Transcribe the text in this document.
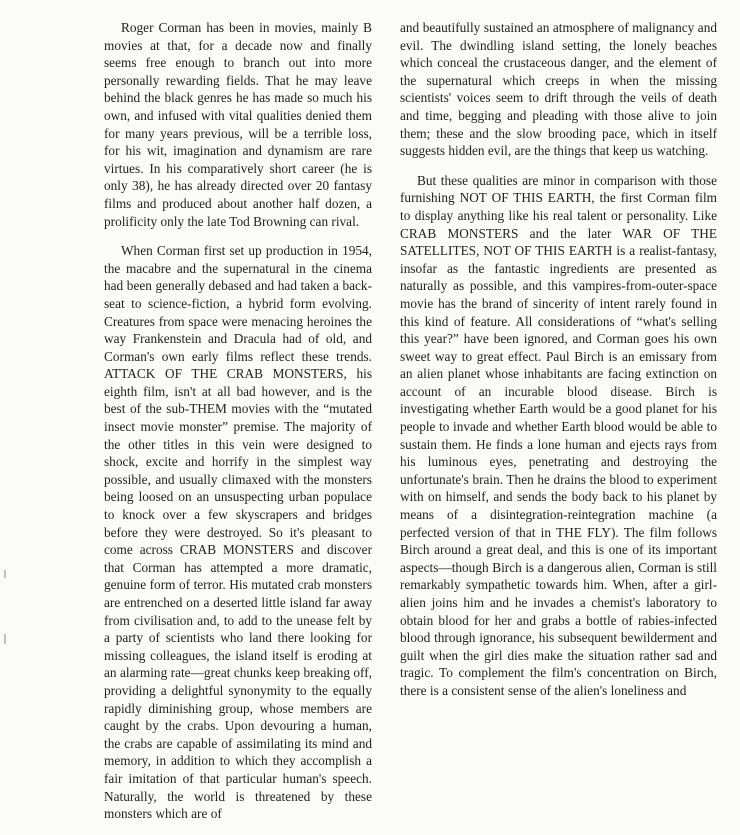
Roger Corman has been in movies, mainly B movies at that, for a decade now and finally seems free enough to branch out into more personally rewarding fields. That he may leave behind the black genres he has made so much his own, and infused with vital qualities denied them for many years previous, will be a terrible loss, for his wit, imagination and dynamism are rare virtues. In his comparatively short career (he is only 38), he has already directed over 20 fantasy films and produced about another half dozen, a prolificity only the late Tod Browning can rival.

When Corman first set up production in 1954, the macabre and the supernatural in the cinema had been generally debased and had taken a back-seat to science-fiction, a hybrid form evolving. Creatures from space were menacing heroines the way Frankenstein and Dracula had of old, and Corman's own early films reflect these trends. ATTACK OF THE CRAB MONSTERS, his eighth film, isn't at all bad however, and is the best of the sub-THEM movies with the “mutated insect movie monster” premise. The majority of the other titles in this vein were designed to shock, excite and horrify in the simplest way possible, and usually climaxed with the monsters being loosed on an unsuspecting urban populace to knock over a few skyscrapers and bridges before they were destroyed. So it's pleasant to come across CRAB MONSTERS and discover that Corman has attempted a more dramatic, genuine form of terror. His mutated crab monsters are entrenched on a deserted little island far away from civilisation and, to add to the unease felt by a party of scientists who land there looking for missing colleagues, the island itself is eroding at an alarming rate—great chunks keep breaking off, providing a delightful synonymity to the equally rapidly diminishing group, whose members are caught by the crabs. Upon devouring a human, the crabs are capable of assimilating its mind and memory, in addition to which they accomplish a fair imitation of that particular human's speech. Naturally, the world is threatened by these monsters which are of

and beautifully sustained an atmosphere of malignancy and evil. The dwindling island setting, the lonely beaches which conceal the crustaceous danger, and the element of the supernatural which creeps in when the missing scientists' voices seem to drift through the veils of death and time, begging and pleading with those alive to join them; these and the slow brooding pace, which in itself suggests hidden evil, are the things that keep us watching.

But these qualities are minor in comparison with those furnishing NOT OF THIS EARTH, the first Corman film to display anything like his real talent or personality. Like CRAB MONSTERS and the later WAR OF THE SATELLITES, NOT OF THIS EARTH is a realist-fantasy, insofar as the fantastic ingredients are presented as naturally as possible, and this vampires-from-outer-space movie has the brand of sincerity of intent rarely found in this kind of feature. All considerations of “what's selling this year?” have been ignored, and Corman goes his own sweet way to great effect. Paul Birch is an emissary from an alien planet whose inhabitants are facing extinction on account of an incurable blood disease. Birch is investigating whether Earth would be a good planet for his people to invade and whether Earth blood would be able to sustain them. He finds a lone human and ejects rays from his luminous eyes, penetrating and destroying the unfortunate's brain. Then he drains the blood to experiment with on himself, and sends the body back to his planet by means of a disintegration-reintegration machine (a perfected version of that in THE FLY). The film follows Birch around a great deal, and this is one of its important aspects—though Birch is a dangerous alien, Corman is still remarkably sympathetic towards him. When, after a girl-alien joins him and he invades a chemist's laboratory to obtain blood for her and grabs a bottle of rabies-infected blood through ignorance, his subsequent bewilderment and guilt when the girl dies make the situation rather sad and tragic. To complement the film's concentration on Birch, there is a consistent sense of the alien's loneliness and
